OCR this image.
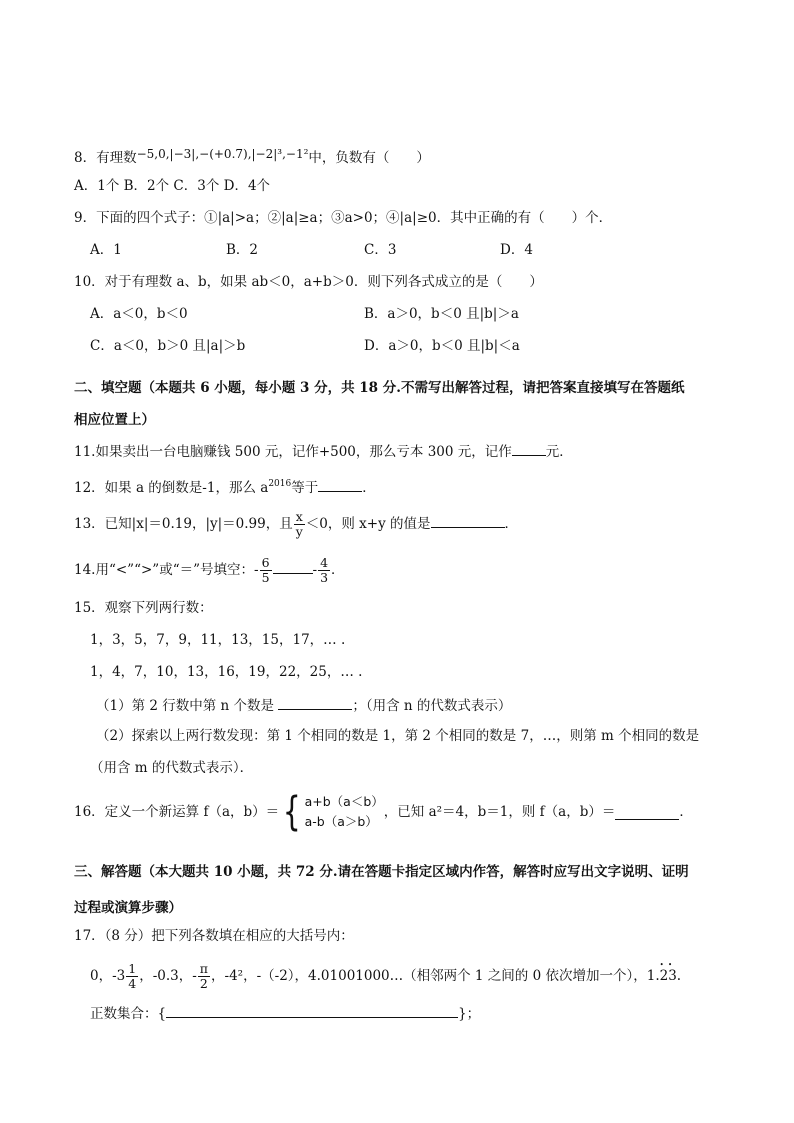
8．有理数−5,0,|−3|,−(+0.7),|−2|³,−1²中，负数有（　　）
A．1个 B．2个 C．3个 D．4个
9．下面的四个式子：①|a|>a；②|a|≥a；③a>0；④|a|≥0．其中正确的有（　　）个．
A．1	B．2	C．3	D．4
10．对于有理数 a、b，如果 ab＜0，a+b＞0．则下列各式成立的是（　　）
A．a＜0，b＜0	B．a＞0，b＜0 且|b|＞a
C．a＜0，b＞0 且|a|＞b	D．a＞0，b＜0 且|b|＜a
二、填空题（本题共 6 小题，每小题 3 分，共 18 分.不需写出解答过程，请把答案直接填写在答题纸
相应位置上）
11.如果卖出一台电脑赚钱 500 元，记作+500，那么亏本 300 元，记作	元．
12．如果 a 的倒数是-1，那么 $a^{2016}$等于	．
13．已知|x|＝0.19，|y|＝0.99，且 $\frac{x}{y} <0$，则 x+y 的值是	．
14.用“<”“>”或“＝”号填空：- $\frac{6}{5}$	- $\frac{4}{3}$ ．
15．观察下列两行数：
1，3，5，7，9，11，13，15，17，… .
1，4，7，10，13，16，19，22，25，… .
（1）第 2 行数中第 n 个数是	；（用含 n 的代数式表示）
（2）探索以上两行数发现：第 1 个相同的数是 1，第 2 个相同的数是 7，…，则第 m 个相同的数是
（用含 m 的代数式表示）．
16．定义一个新运算 f（a，b）＝{ a+b（a＜b）
a-b（a＞b）
，已知 a²＝4，b＝1，则 f（a，b）＝	．
三、解答题（本大题共 10 小题，共 72 分.请在答题卡指定区域内作答，解答时应写出文字说明、证明
过程或演算步骤）
17．（8 分）把下列各数填在相应的大括号内：
0，$-3 \frac{1}{4}$ ，-0.3，- $\frac{\pi}{2}$ ，-4²，-（-2），4.01001000…（相邻两个 1 之间的 0 依次增加一个），1.• • 23.
正数集合：{	}；
